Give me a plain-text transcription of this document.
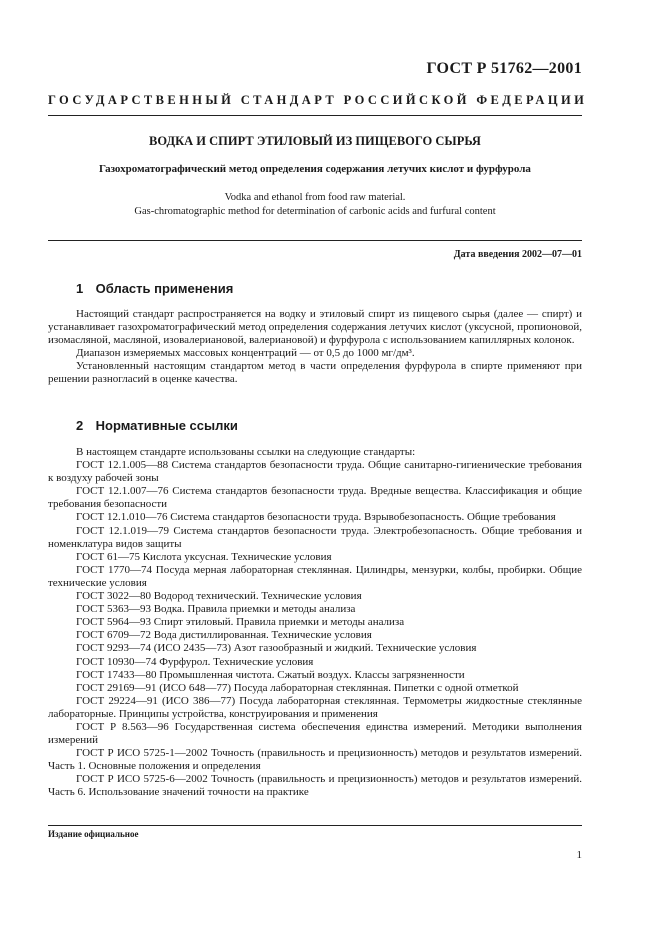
ГОСТ Р 51762—2001
ГОСУДАРСТВЕННЫЙ СТАНДАРТ РОССИЙСКОЙ ФЕДЕРАЦИИ
ВОДКА И СПИРТ ЭТИЛОВЫЙ ИЗ ПИЩЕВОГО СЫРЬЯ
Газохроматографический метод определения содержания летучих кислот и фурфурола
Vodka and ethanol from food raw material.
Gas-chromatographic method for determination of carbonic acids and furfural content
Дата введения 2002—07—01
1 Область применения

Настоящий стандарт распространяется на водку и этиловый спирт из пищевого сырья (далее — спирт) и устанавливает газохроматографический метод определения содержания летучих кислот (уксусной, пропионовой, изомасляной, масляной, изовалериановой, валериановой) и фурфурола с использованием капиллярных колонок.

Диапазон измеряемых массовых концентраций — от 0,5 до 1000 мг/дм³.

Установленный настоящим стандартом метод в части определения фурфурола в спирте применяют при решении разногласий в оценке качества.

2 Нормативные ссылки

В настоящем стандарте использованы ссылки на следующие стандарты:

ГОСТ 12.1.005—88 Система стандартов безопасности труда. Общие санитарно-гигиенические требования к воздуху рабочей зоны

ГОСТ 12.1.007—76 Система стандартов безопасности труда. Вредные вещества. Классификация и общие требования безопасности

ГОСТ 12.1.010—76 Система стандартов безопасности труда. Взрывобезопасность. Общие требования

ГОСТ 12.1.019—79 Система стандартов безопасности труда. Электробезопасность. Общие требования и номенклатура видов защиты

ГОСТ 61—75 Кислота уксусная. Технические условия

ГОСТ 1770—74 Посуда мерная лабораторная стеклянная. Цилиндры, мензурки, колбы, пробирки. Общие технические условия

ГОСТ 3022—80 Водород технический. Технические условия

ГОСТ 5363—93 Водка. Правила приемки и методы анализа

ГОСТ 5964—93 Спирт этиловый. Правила приемки и методы анализа

ГОСТ 6709—72 Вода дистиллированная. Технические условия

ГОСТ 9293—74 (ИСО 2435—73) Азот газообразный и жидкий. Технические условия

ГОСТ 10930—74 Фурфурол. Технические условия

ГОСТ 17433—80 Промышленная чистота. Сжатый воздух. Классы загрязненности

ГОСТ 29169—91 (ИСО 648—77) Посуда лабораторная стеклянная. Пипетки с одной отметкой

ГОСТ 29224—91 (ИСО 386—77) Посуда лабораторная стеклянная. Термометры жидкостные стеклянные лабораторные. Принципы устройства, конструирования и применения

ГОСТ Р 8.563—96 Государственная система обеспечения единства измерений. Методики выполнения измерений

ГОСТ Р ИСО 5725-1—2002 Точность (правильность и прецизионность) методов и результатов измерений. Часть 1. Основные положения и определения

ГОСТ Р ИСО 5725-6—2002 Точность (правильность и прецизионность) методов и результатов измерений. Часть 6. Использование значений точности на практике

Издание официальное
1
